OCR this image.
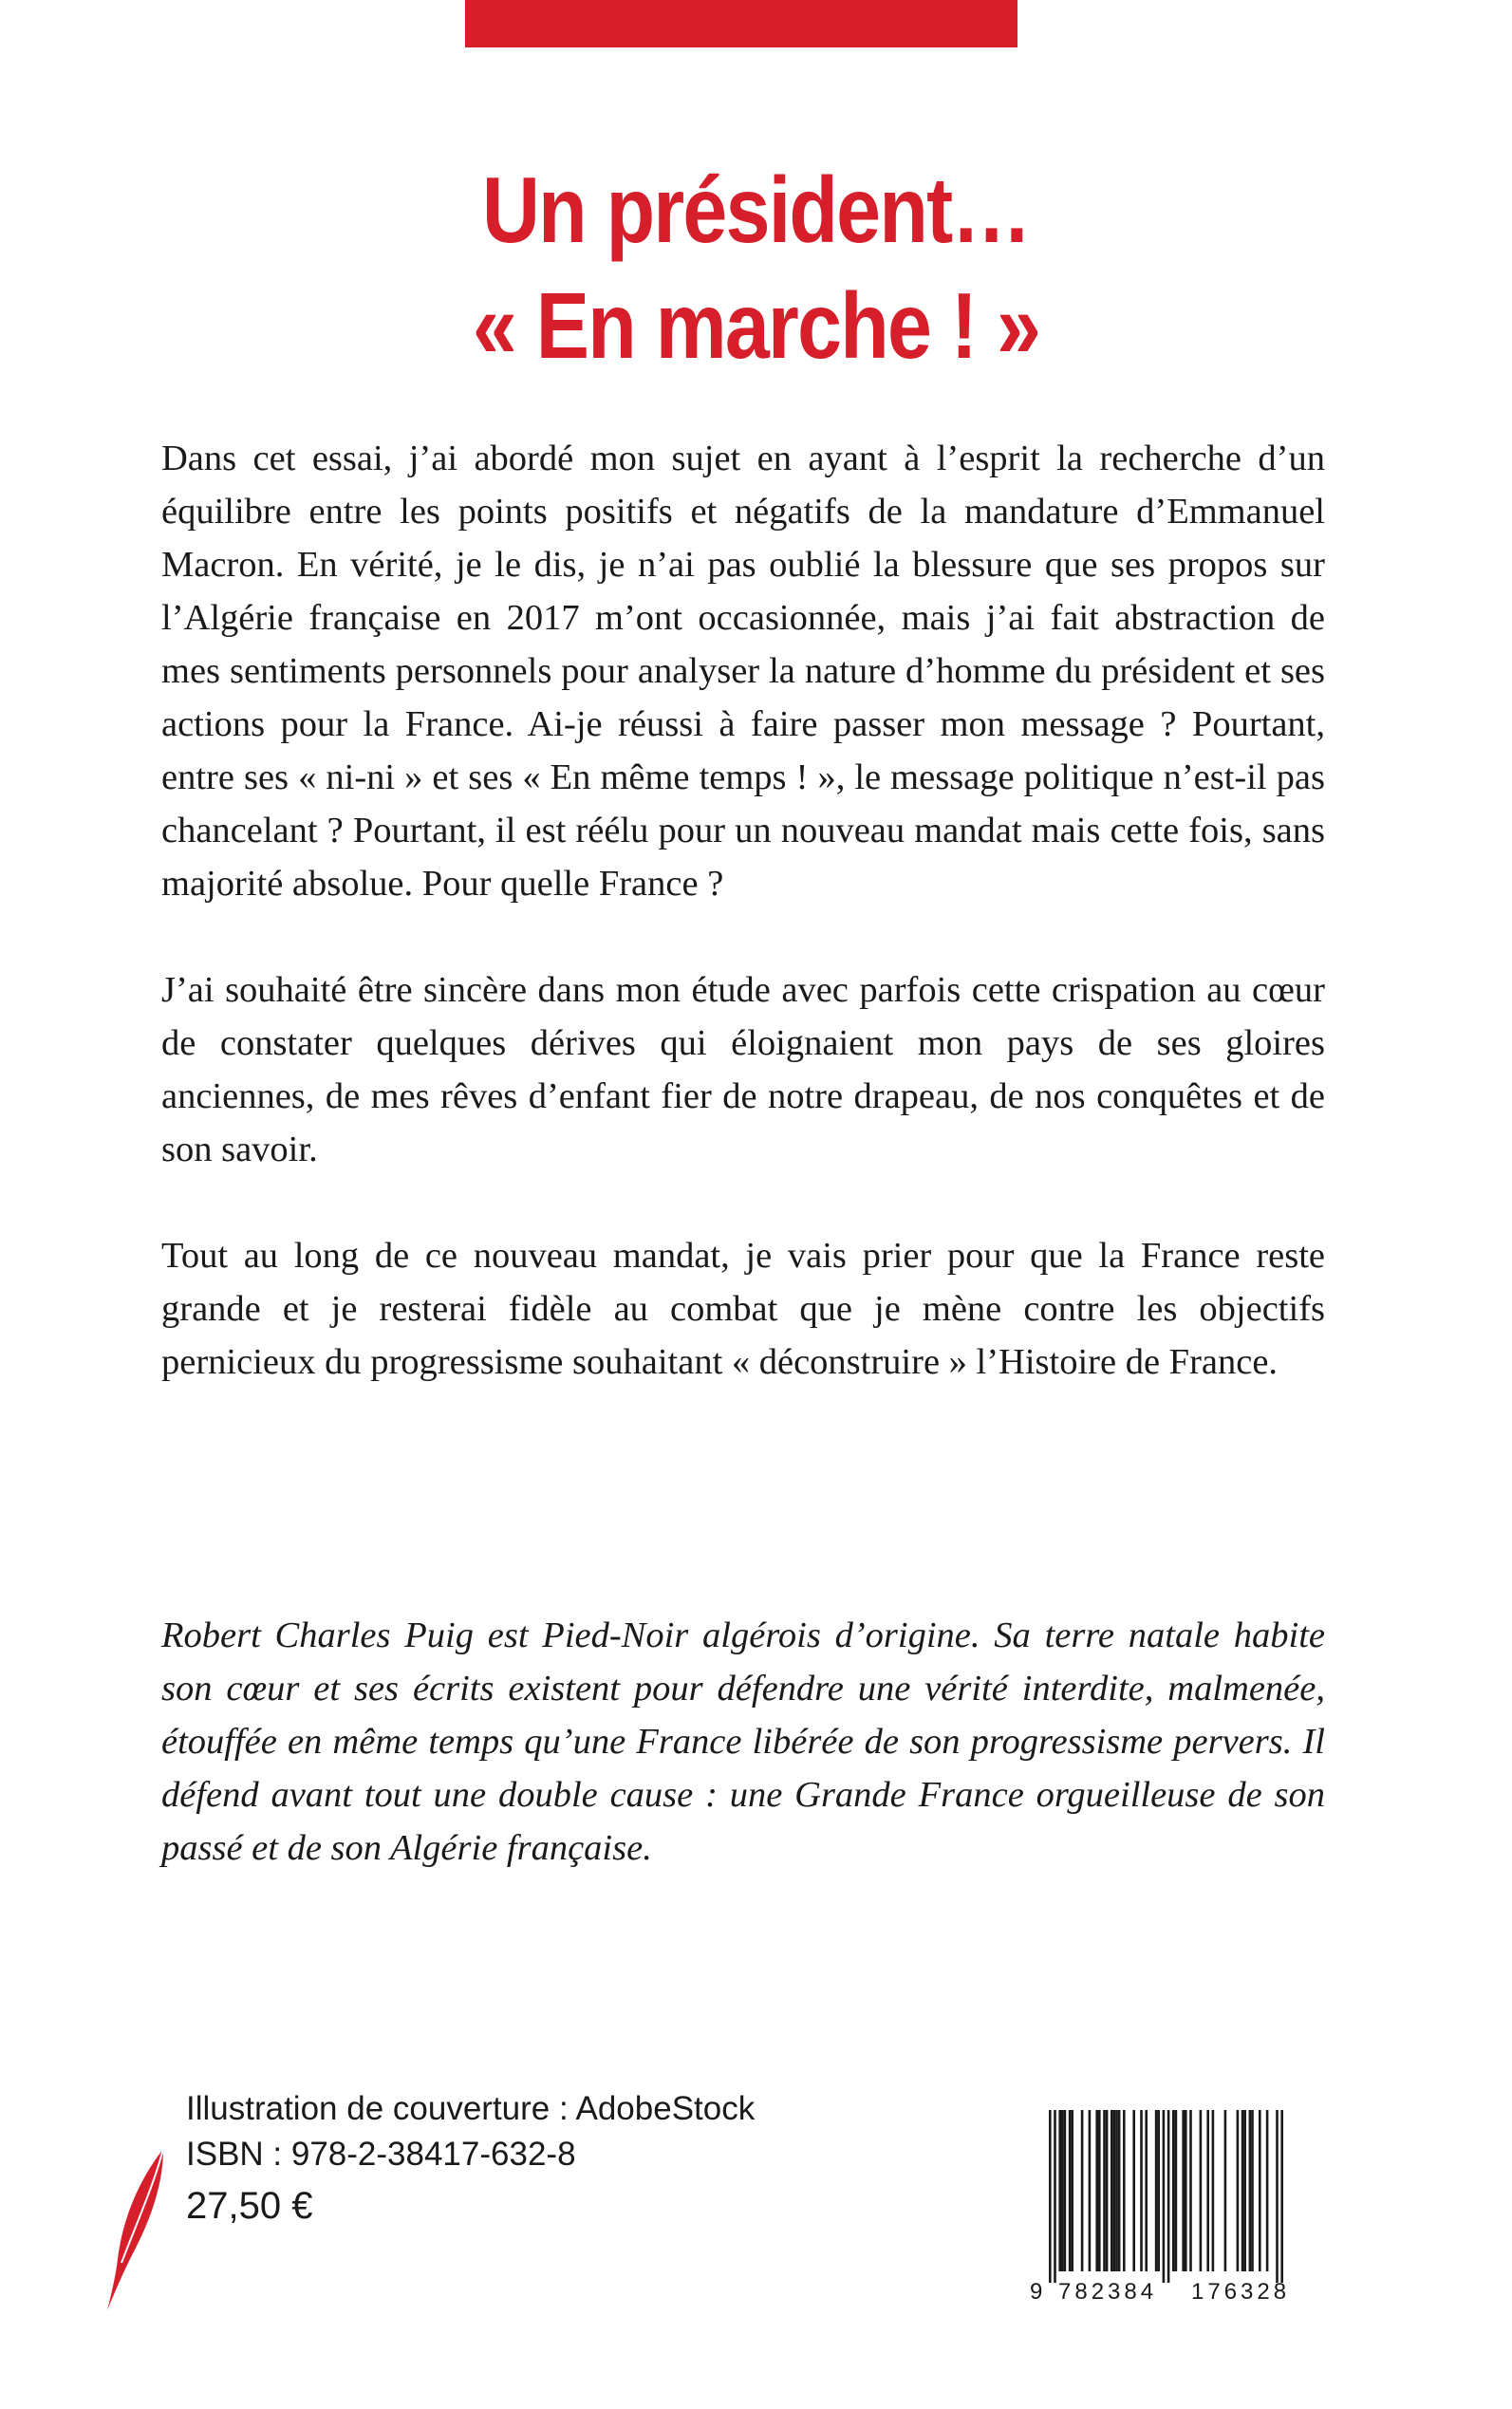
Un président…
« En marche ! »

Dans cet essai, j’ai abordé mon sujet en ayant à l’esprit la recherche d’un équilibre entre les points positifs et négatifs de la mandature d’Emmanuel Macron. En vérité, je le dis, je n’ai pas oublié la blessure que ses propos sur l’Algérie française en 2017 m’ont occasionnée, mais j’ai fait abstraction de mes sentiments personnels pour analyser la nature d’homme du président et ses actions pour la France. Ai-je réussi à faire passer mon message ? Pourtant, entre ses « ni-ni » et ses « En même temps ! », le message politique n’est-il pas chancelant ? Pourtant, il est réélu pour un nouveau mandat mais cette fois, sans majorité absolue. Pour quelle France ?

J’ai souhaité être sincère dans mon étude avec parfois cette crispation au cœur de constater quelques dérives qui éloignaient mon pays de ses gloires anciennes, de mes rêves d’enfant fier de notre drapeau, de nos conquêtes et de son savoir.

Tout au long de ce nouveau mandat, je vais prier pour que la France reste grande et je resterai fidèle au combat que je mène contre les objectifs pernicieux du progressisme souhaitant « déconstruire » l’Histoire de France.

Robert Charles Puig est Pied-Noir algérois d’origine. Sa terre natale habite son cœur et ses écrits existent pour défendre une vérité interdite, malmenée, étouffée en même temps qu’une France libérée de son progressisme pervers. Il défend avant tout une double cause : une Grande France orgueilleuse de son passé et de son Algérie française.

Illustration de couverture : AdobeStock
ISBN : 978-2-38417-632-8
27,50 €
9 782384 176328
